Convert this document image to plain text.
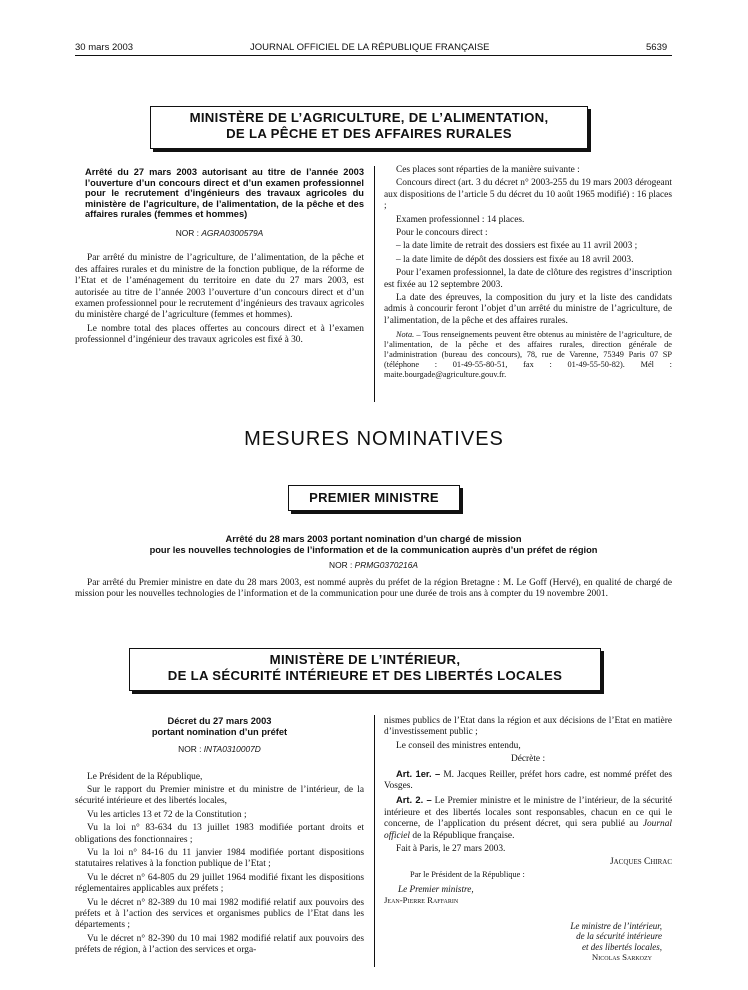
30 mars 2003	JOURNAL OFFICIEL DE LA RÉPUBLIQUE FRANÇAISE	5639
MINISTÈRE DE L’AGRICULTURE, DE L’ALIMENTATION,
DE LA PÊCHE ET DES AFFAIRES RURALES
Arrêté du 27 mars 2003 autorisant au titre de l’année 2003 l’ouverture d’un concours direct et d’un examen professionnel pour le recrutement d’ingénieurs des travaux agricoles du ministère de l’agriculture, de l’alimentation, de la pêche et des affaires rurales (femmes et hommes)
NOR : AGRA0300579A

Par arrêté du ministre de l’agriculture, de l’alimentation, de la pêche et des affaires rurales et du ministre de la fonction publique, de la réforme de l’Etat et de l’aménagement du territoire en date du 27 mars 2003, est autorisée au titre de l’année 2003 l’ouverture d’un concours direct et d’un examen professionnel pour le recrutement d’ingénieurs des travaux agricoles du ministère chargé de l’agriculture (femmes et hommes).

Le nombre total des places offertes au concours direct et à l’examen professionnel d’ingénieur des travaux agricoles est fixé à 30.

Ces places sont réparties de la manière suivante :

Concours direct (art. 3 du décret n° 2003-255 du 19 mars 2003 dérogeant aux dispositions de l’article 5 du décret du 10 août 1965 modifié) : 16 places ;

Examen professionnel : 14 places.

Pour le concours direct :

– la date limite de retrait des dossiers est fixée au 11 avril 2003 ;

– la date limite de dépôt des dossiers est fixée au 18 avril 2003.

Pour l’examen professionnel, la date de clôture des registres d’inscription est fixée au 12 septembre 2003.

La date des épreuves, la composition du jury et la liste des candidats admis à concourir feront l’objet d’un arrêté du ministre de l’agriculture, de l’alimentation, de la pêche et des affaires rurales.

Nota. – Tous renseignements peuvent être obtenus au ministère de l’agriculture, de l’alimentation, de la pêche et des affaires rurales, direction générale de l’administration (bureau des concours), 78, rue de Varenne, 75349 Paris 07 SP (téléphone : 01-49-55-80-51, fax : 01-49-55-50-82). Mél : maite.bourgade@agriculture.gouv.fr.

MESURES NOMINATIVES
PREMIER MINISTRE
Arrêté du 28 mars 2003 portant nomination d’un chargé de mission
pour les nouvelles technologies de l’information et de la communication auprès d’un préfet de région
NOR : PRMG0370216A

Par arrêté du Premier ministre en date du 28 mars 2003, est nommé auprès du préfet de la région Bretagne : M. Le Goff (Hervé), en qualité de chargé de mission pour les nouvelles technologies de l’information et de la communication pour une durée de trois ans à compter du 19 novembre 2001.

MINISTÈRE DE L’INTÉRIEUR,
DE LA SÉCURITÉ INTÉRIEURE ET DES LIBERTÉS LOCALES
Décret du 27 mars 2003
portant nomination d’un préfet
NOR : INTA0310007D

Le Président de la République,

Sur le rapport du Premier ministre et du ministre de l’intérieur, de la sécurité intérieure et des libertés locales,

Vu les articles 13 et 72 de la Constitution ;

Vu la loi n° 83-634 du 13 juillet 1983 modifiée portant droits et obligations des fonctionnaires ;

Vu la loi n° 84-16 du 11 janvier 1984 modifiée portant dispositions statutaires relatives à la fonction publique de l’Etat ;

Vu le décret n° 64-805 du 29 juillet 1964 modifié fixant les dispositions réglementaires applicables aux préfets ;

Vu le décret n° 82-389 du 10 mai 1982 modifié relatif aux pouvoirs des préfets et à l’action des services et organismes publics de l’Etat dans les départements ;

Vu le décret n° 82-390 du 10 mai 1982 modifié relatif aux pouvoirs des préfets de région, à l’action des services et orga-

nismes publics de l’Etat dans la région et aux décisions de l’Etat en matière d’investissement public ;

Le conseil des ministres entendu,

Décrète :

Art. 1er. – M. Jacques Reiller, préfet hors cadre, est nommé préfet des Vosges.

Art. 2. – Le Premier ministre et le ministre de l’intérieur, de la sécurité intérieure et des libertés locales sont responsables, chacun en ce qui le concerne, de l’application du présent décret, qui sera publié au Journal officiel de la République française.

Fait à Paris, le 27 mars 2003.

Jacques Chirac
Par le Président de la République :
Le Premier ministre,
Jean-Pierre Raffarin
Le ministre de l’intérieur,
de la sécurité intérieure
et des libertés locales,
Nicolas Sarkozy
